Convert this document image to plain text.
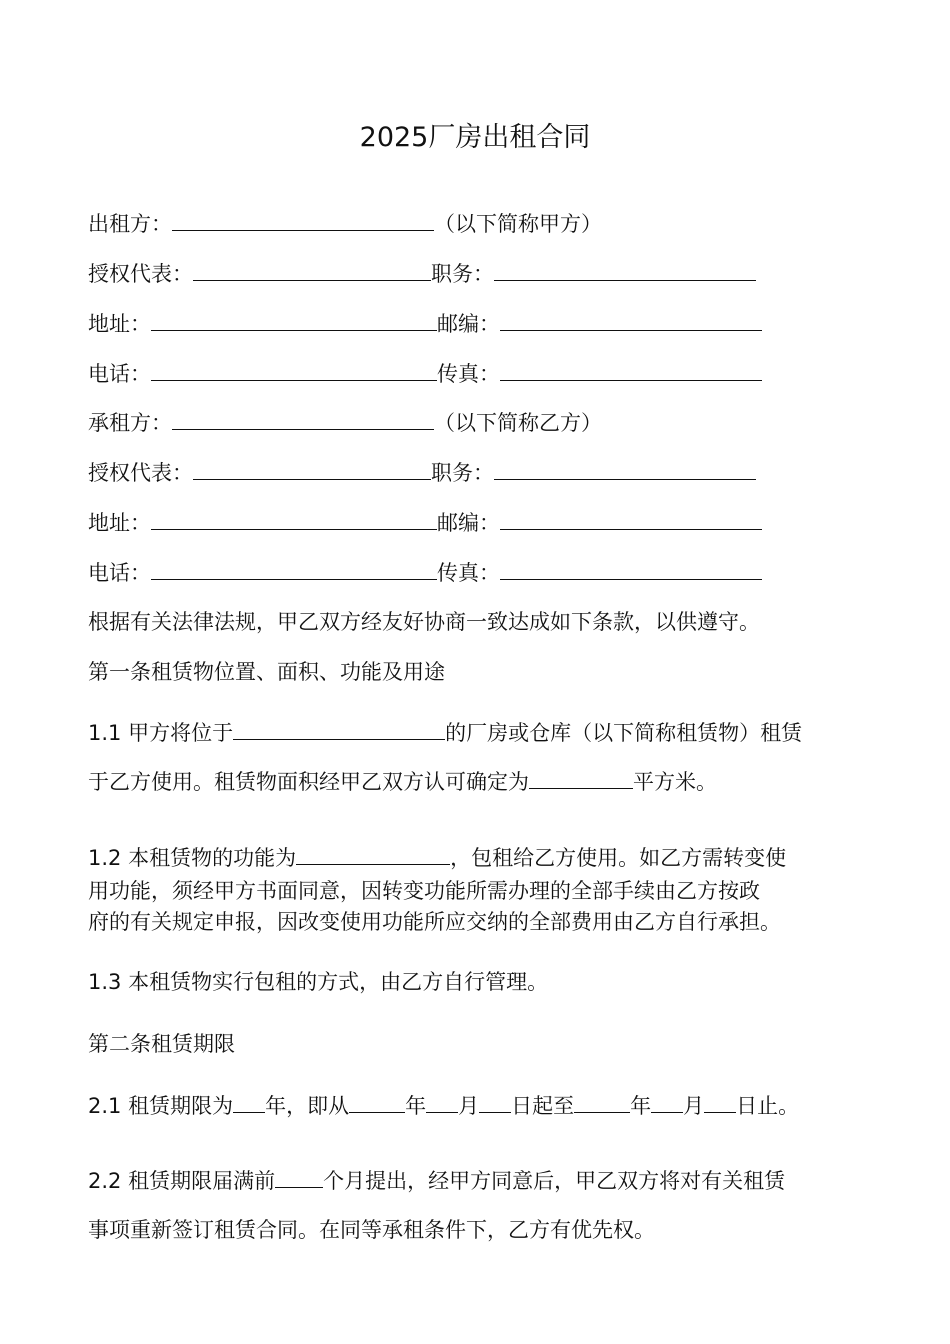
2025厂房出租合同
出租方：	（以下简称甲方）
授权代表：	职务：
地址：	邮编：
电话：	传真：
承租方：	（以下简称乙方）
授权代表：	职务：
地址：	邮编：
电话：	传真：
根据有关法律法规，甲乙双方经友好协商一致达成如下条款，以供遵守。
第一条租赁物位置、面积、功能及用途
1.1 甲方将位于	的厂房或仓库（以下简称租赁物）租赁
于乙方使用。租赁物面积经甲乙双方认可确定为	平方米。
1.2 本租赁物的功能为	，包租给乙方使用。如乙方需转变使
用功能，须经甲方书面同意，因转变功能所需办理的全部手续由乙方按政
府的有关规定申报，因改变使用功能所应交纳的全部费用由乙方自行承担。
1.3 本租赁物实行包租的方式，由乙方自行管理。
第二条租赁期限
2.1 租赁期限为 年，即从	年 月 日起至	年 月 日止。
2.2 租赁期限届满前 个月提出，经甲方同意后，甲乙双方将对有关租赁
事项重新签订租赁合同。在同等承租条件下，乙方有优先权。
